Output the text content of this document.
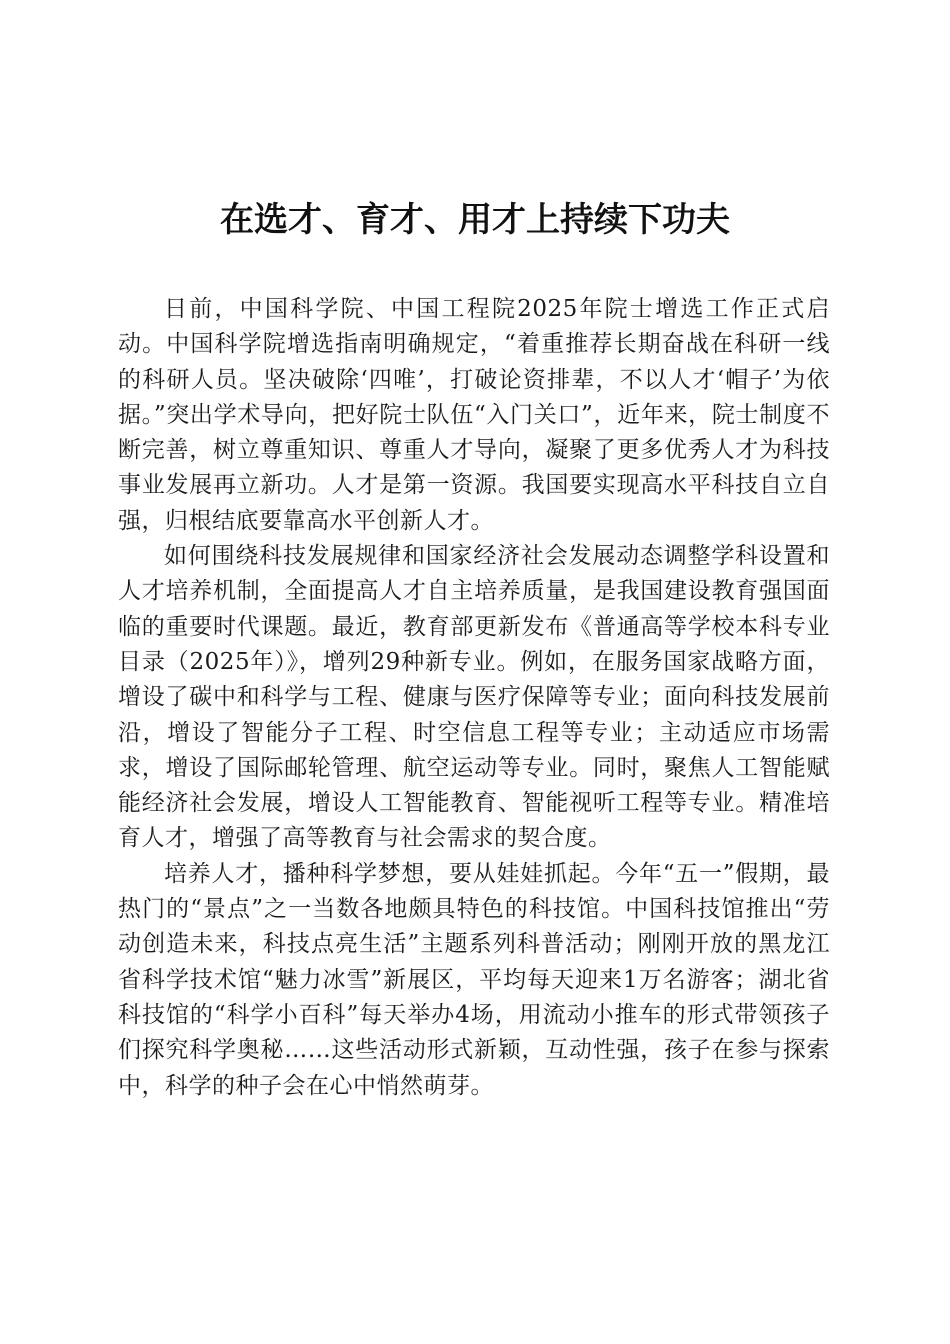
在选才、育才、用才上持续下功夫

日前，中国科学院、中国工程院2025年院士增选工作正式启动。中国科学院增选指南明确规定，“着重推荐长期奋战在科研一线的科研人员。坚决破除‘四唯’，打破论资排辈，不以人才‘帽子’为依据。”突出学术导向，把好院士队伍“入门关口”，近年来，院士制度不断完善，树立尊重知识、尊重人才导向，凝聚了更多优秀人才为科技事业发展再立新功。人才是第一资源。我国要实现高水平科技自立自强，归根结底要靠高水平创新人才。

如何围绕科技发展规律和国家经济社会发展动态调整学科设置和人才培养机制，全面提高人才自主培养质量，是我国建设教育强国面临的重要时代课题。最近，教育部更新发布《普通高等学校本科专业目录（2025年）》，增列29种新专业。例如，在服务国家战略方面，增设了碳中和科学与工程、健康与医疗保障等专业；面向科技发展前沿，增设了智能分子工程、时空信息工程等专业；主动适应市场需求，增设了国际邮轮管理、航空运动等专业。同时，聚焦人工智能赋能经济社会发展，增设人工智能教育、智能视听工程等专业。精准培育人才，增强了高等教育与社会需求的契合度。

培养人才，播种科学梦想，要从娃娃抓起。今年“五一”假期，最热门的“景点”之一当数各地颇具特色的科技馆。中国科技馆推出“劳动创造未来，科技点亮生活”主题系列科普活动；刚刚开放的黑龙江省科学技术馆“魅力冰雪”新展区，平均每天迎来1万名游客；湖北省科技馆的“科学小百科”每天举办4场，用流动小推车的形式带领孩子们探究科学奥秘……这些活动形式新颖，互动性强，孩子在参与探索中，科学的种子会在心中悄然萌芽。
